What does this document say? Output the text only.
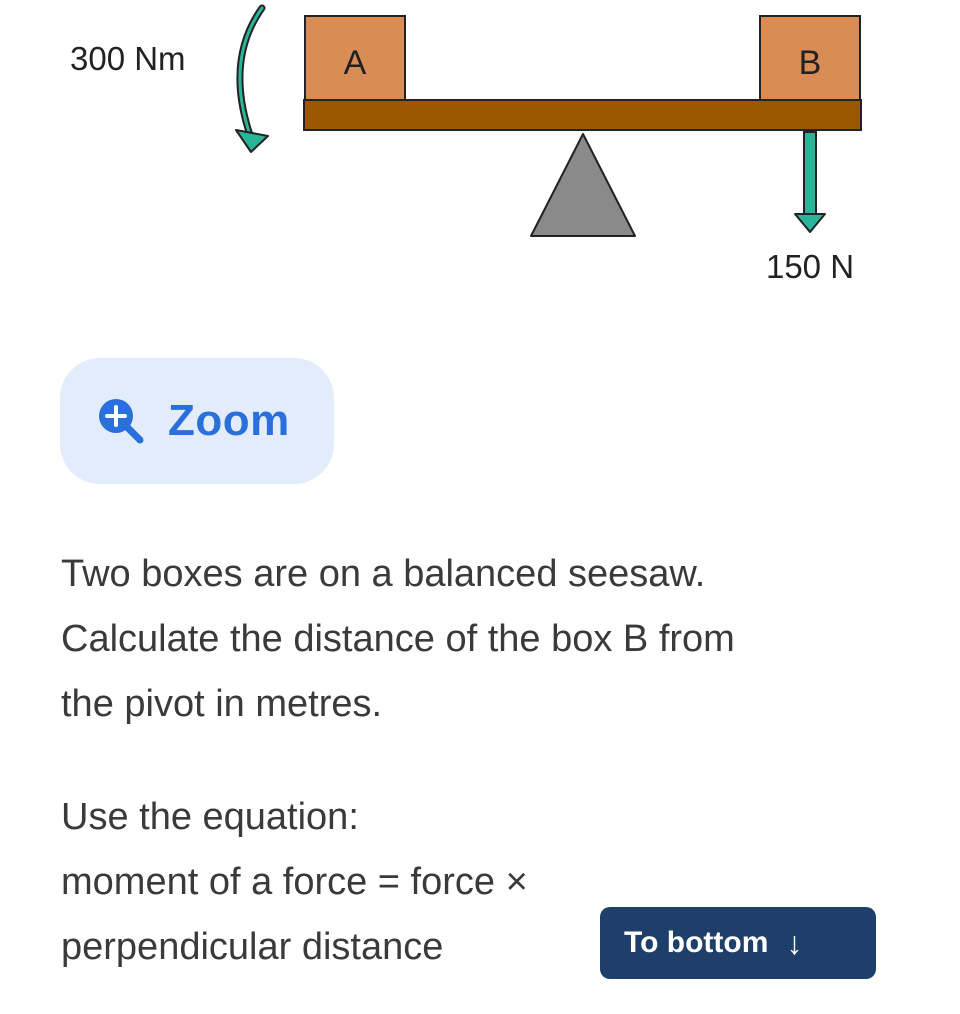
300 Nm	A	B
150 N
Zoom

Two boxes are on a balanced seesaw.

Calculate the distance of the box B from

the pivot in metres.

Use the equation:

moment of a force = force ×

perpendicular distance	To bottom ↓
